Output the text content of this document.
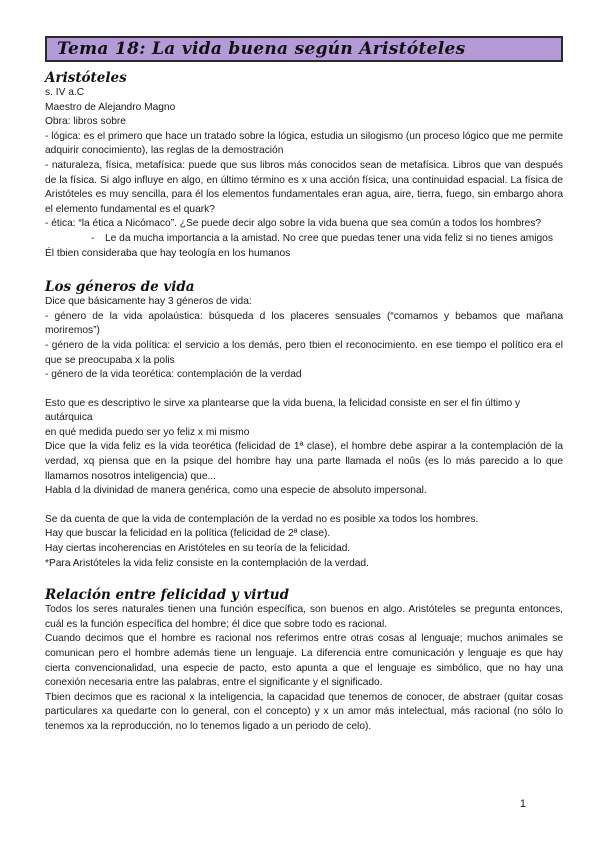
Tema 18: La vida buena según Aristóteles
Aristóteles

s. IV a.C

Maestro de Alejandro Magno

Obra: libros sobre

- lógica: es el primero que hace un tratado sobre la lógica, estudia un silogismo (un proceso lógico que me permite adquirir conocimiento), las reglas de la demostración

- naturaleza, física, metafísica: puede que sus libros más conocidos sean de metafísica. Libros que van después de la física. Si algo influye en algo, en último término es x una acción física, una continuidad espacial. La física de Aristóteles es muy sencilla, para él los elementos fundamentales eran agua, aire, tierra, fuego, sin embargo ahora el elemento fundamental es el quark?

- ética: “la ética a Nicómaco”. ¿Se puede decir algo sobre la vida buena que sea común a todos los hombres?

- Le da mucha importancia a la amistad. No cree que puedas tener una vida feliz si no tienes amigos

Él tbien consideraba que hay teología en los humanos

Los géneros de vida

Dice que básicamente hay 3 géneros de vida:

- género de la vida apolaústica: búsqueda d los placeres sensuales (“comamos y bebamos que mañana moriremos”)

- género de la vida política: el servicio a los demás, pero tbien el reconocimiento. en ese tiempo el político era el que se preocupaba x la polis

- género de la vida teorética: contemplación de la verdad

Esto que es descriptivo le sirve xa plantearse que la vida buena, la felicidad consiste en ser el fin último y autárquica

en qué medida puedo ser yo feliz x mi mismo

Dice que la vida feliz es la vida teorética (felicidad de 1ª clase), el hombre debe aspirar a la contemplación de la verdad, xq piensa que en la psique del hombre hay una parte llamada el noûs (es lo más parecido a lo que llamamos nosotros inteligencia) que...

Habla d la divinidad de manera genérica, como una especie de absoluto impersonal.

Se da cuenta de que la vida de contemplación de la verdad no es posible xa todos los hombres.

Hay que buscar la felicidad en la política (felicidad de 2ª clase).

Hay ciertas incoherencias en Aristóteles en su teoría de la felicidad.

*Para Aristóteles la vida feliz consiste en la contemplación de la verdad.

Relación entre felicidad y virtud

Todos los seres naturales tienen una función específica, son buenos en algo. Aristóteles se pregunta entonces, cuál es la función específica del hombre; él dice que sobre todo es racional.

Cuando decimos que el hombre es racional nos referimos entre otras cosas al lenguaje; muchos animales se comunican pero el hombre además tiene un lenguaje. La diferencia entre comunicación y lenguaje es que hay cierta convencionalidad, una especie de pacto, esto apunta a que el lenguaje es simbólico, que no hay una conexión necesaria entre las palabras, entre el significante y el significado.

Tbien decimos que es racional x la inteligencia, la capacidad que tenemos de conocer, de abstraer (quitar cosas particulares xa quedarte con lo general, con el concepto) y x un amor más intelectual, más racional (no sólo lo tenemos xa la reproducción, no lo tenemos ligado a un periodo de celo).

1
